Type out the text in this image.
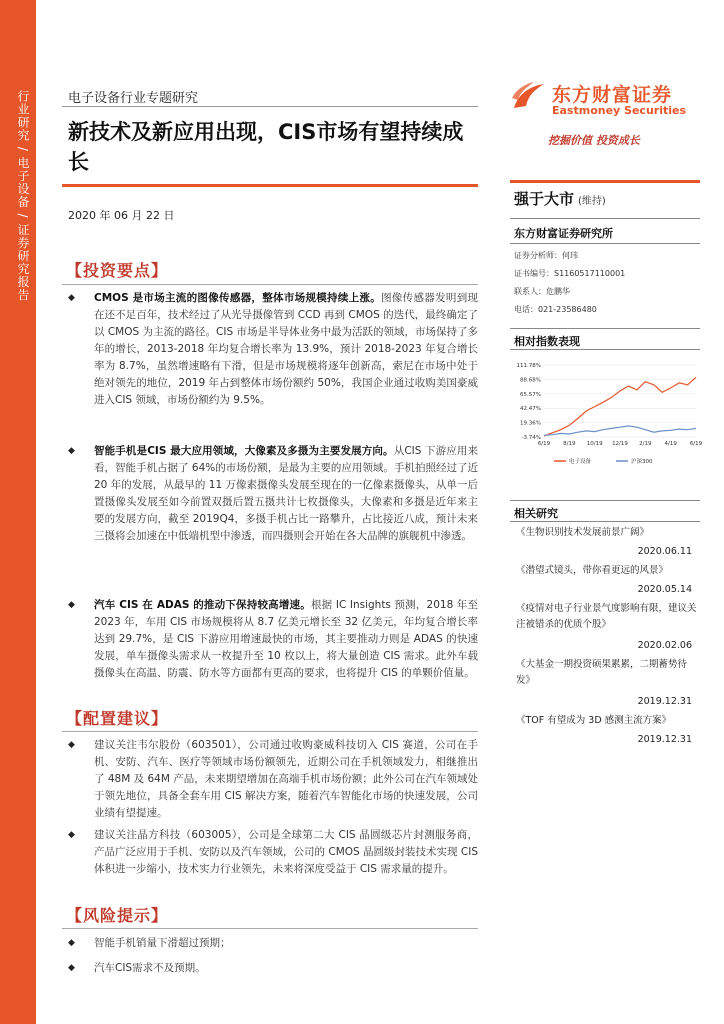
行业研究 / 电子设备 / 证券研究报告	电子设备行业专题研究
新技术及新应用出现，CIS市场有望持续成长
2020 年 06 月 22 日
【投资要点】
◆ CMOS 是市场主流的图像传感器，整体市场规模持续上涨。图像传感器发明到现在还不足百年，技术经过了从光导摄像管到 CCD 再到 CMOS 的迭代，最终确定了以 CMOS 为主流的路径。CIS 市场是半导体业务中最为活跃的领域，市场保持了多年的增长，2013-2018 年均复合增长率为 13.9%，预计 2018-2023 年复合增长率为 8.7%，虽然增速略有下滑，但是市场规模将逐年创新高，索尼在市场中处于绝对领先的地位，2019 年占到整体市场份额约 50%，我国企业通过收购美国豪威进入CIS 领域，市场份额约为 9.5%。
◆ 智能手机是CIS 最大应用领域，大像素及多摄为主要发展方向。从CIS 下游应用来看，智能手机占据了 64%的市场份额，是最为主要的应用领域。手机拍照经过了近 20 年的发展，从最早的 11 万像素摄像头发展至现在的一亿像素摄像头，从单一后置摄像头发展至如今前置双摄后置五摄共计七枚摄像头，大像素和多摄是近年来主要的发展方向，截至 2019Q4，多摄手机占比一路攀升，占比接近八成，预计未来三摄将会加速在中低端机型中渗透，而四摄则会开始在各大品牌的旗舰机中渗透。
◆ 汽车 CIS 在 ADAS 的推动下保持较高增速。根据 IC Insights 预测，2018 年至 2023 年，车用 CIS 市场规模将从 8.7 亿美元增长至 32 亿美元，年均复合增长率达到 29.7%，是 CIS 下游应用增速最快的市场，其主要推动力则是 ADAS 的快速发展，单车摄像头需求从一枚提升至 10 枚以上，将大量创造 CIS 需求。此外车载摄像头在高温、防震、防水等方面都有更高的要求，也将提升 CIS 的单颗价值量。
【配置建议】
◆ 建议关注韦尔股份（603501），公司通过收购豪威科技切入 CIS 赛道，公司在手机、安防、汽车、医疗等领域市场份额领先，近期公司在手机领域发力，相继推出了 48M 及 64M 产品，未来期望增加在高端手机市场份额；此外公司在汽车领域处于领先地位，具备全套车用 CIS 解决方案，随着汽车智能化市场的快速发展，公司业绩有望提速。
◆ 建议关注晶方科技（603005），公司是全球第二大 CIS 晶圆级芯片封测服务商，产品广泛应用于手机、安防以及汽车领域，公司的 CMOS 晶圆级封装技术实现 CIS 体积进一步缩小，技术实力行业领先，未来将深度受益于 CIS 需求量的提升。
【风险提示】
◆ 智能手机销量下滑超过预期；
◆ 汽车CIS需求不及预期。
东方财富证券
Eastmoney Securities
挖掘价值 投资成长
强于大市 (维持)
东方财富证券研究所
证券分析师：何玮
证书编号：S1160517110001
联系人：危鹏华
电话：021-23586480
相对指数表现
111.78%
88.68%
65.57%
42.47%
19.36%
-3.74%
6/19 8/19 10/19 12/19 2/19 4/19 6/19
电子设备	沪深300
相关研究
《生物识别技术发展前景广阔》
2020.06.11
《潜望式镜头，带你看更远的风景》
2020.05.14
《疫情对电子行业景气度影响有限，建议关注被错杀的优质个股》
2020.02.06
《大基金一期投资硕果累累，二期蓄势待发》
2019.12.31
《TOF 有望成为 3D 感测主流方案》
2019.12.31
